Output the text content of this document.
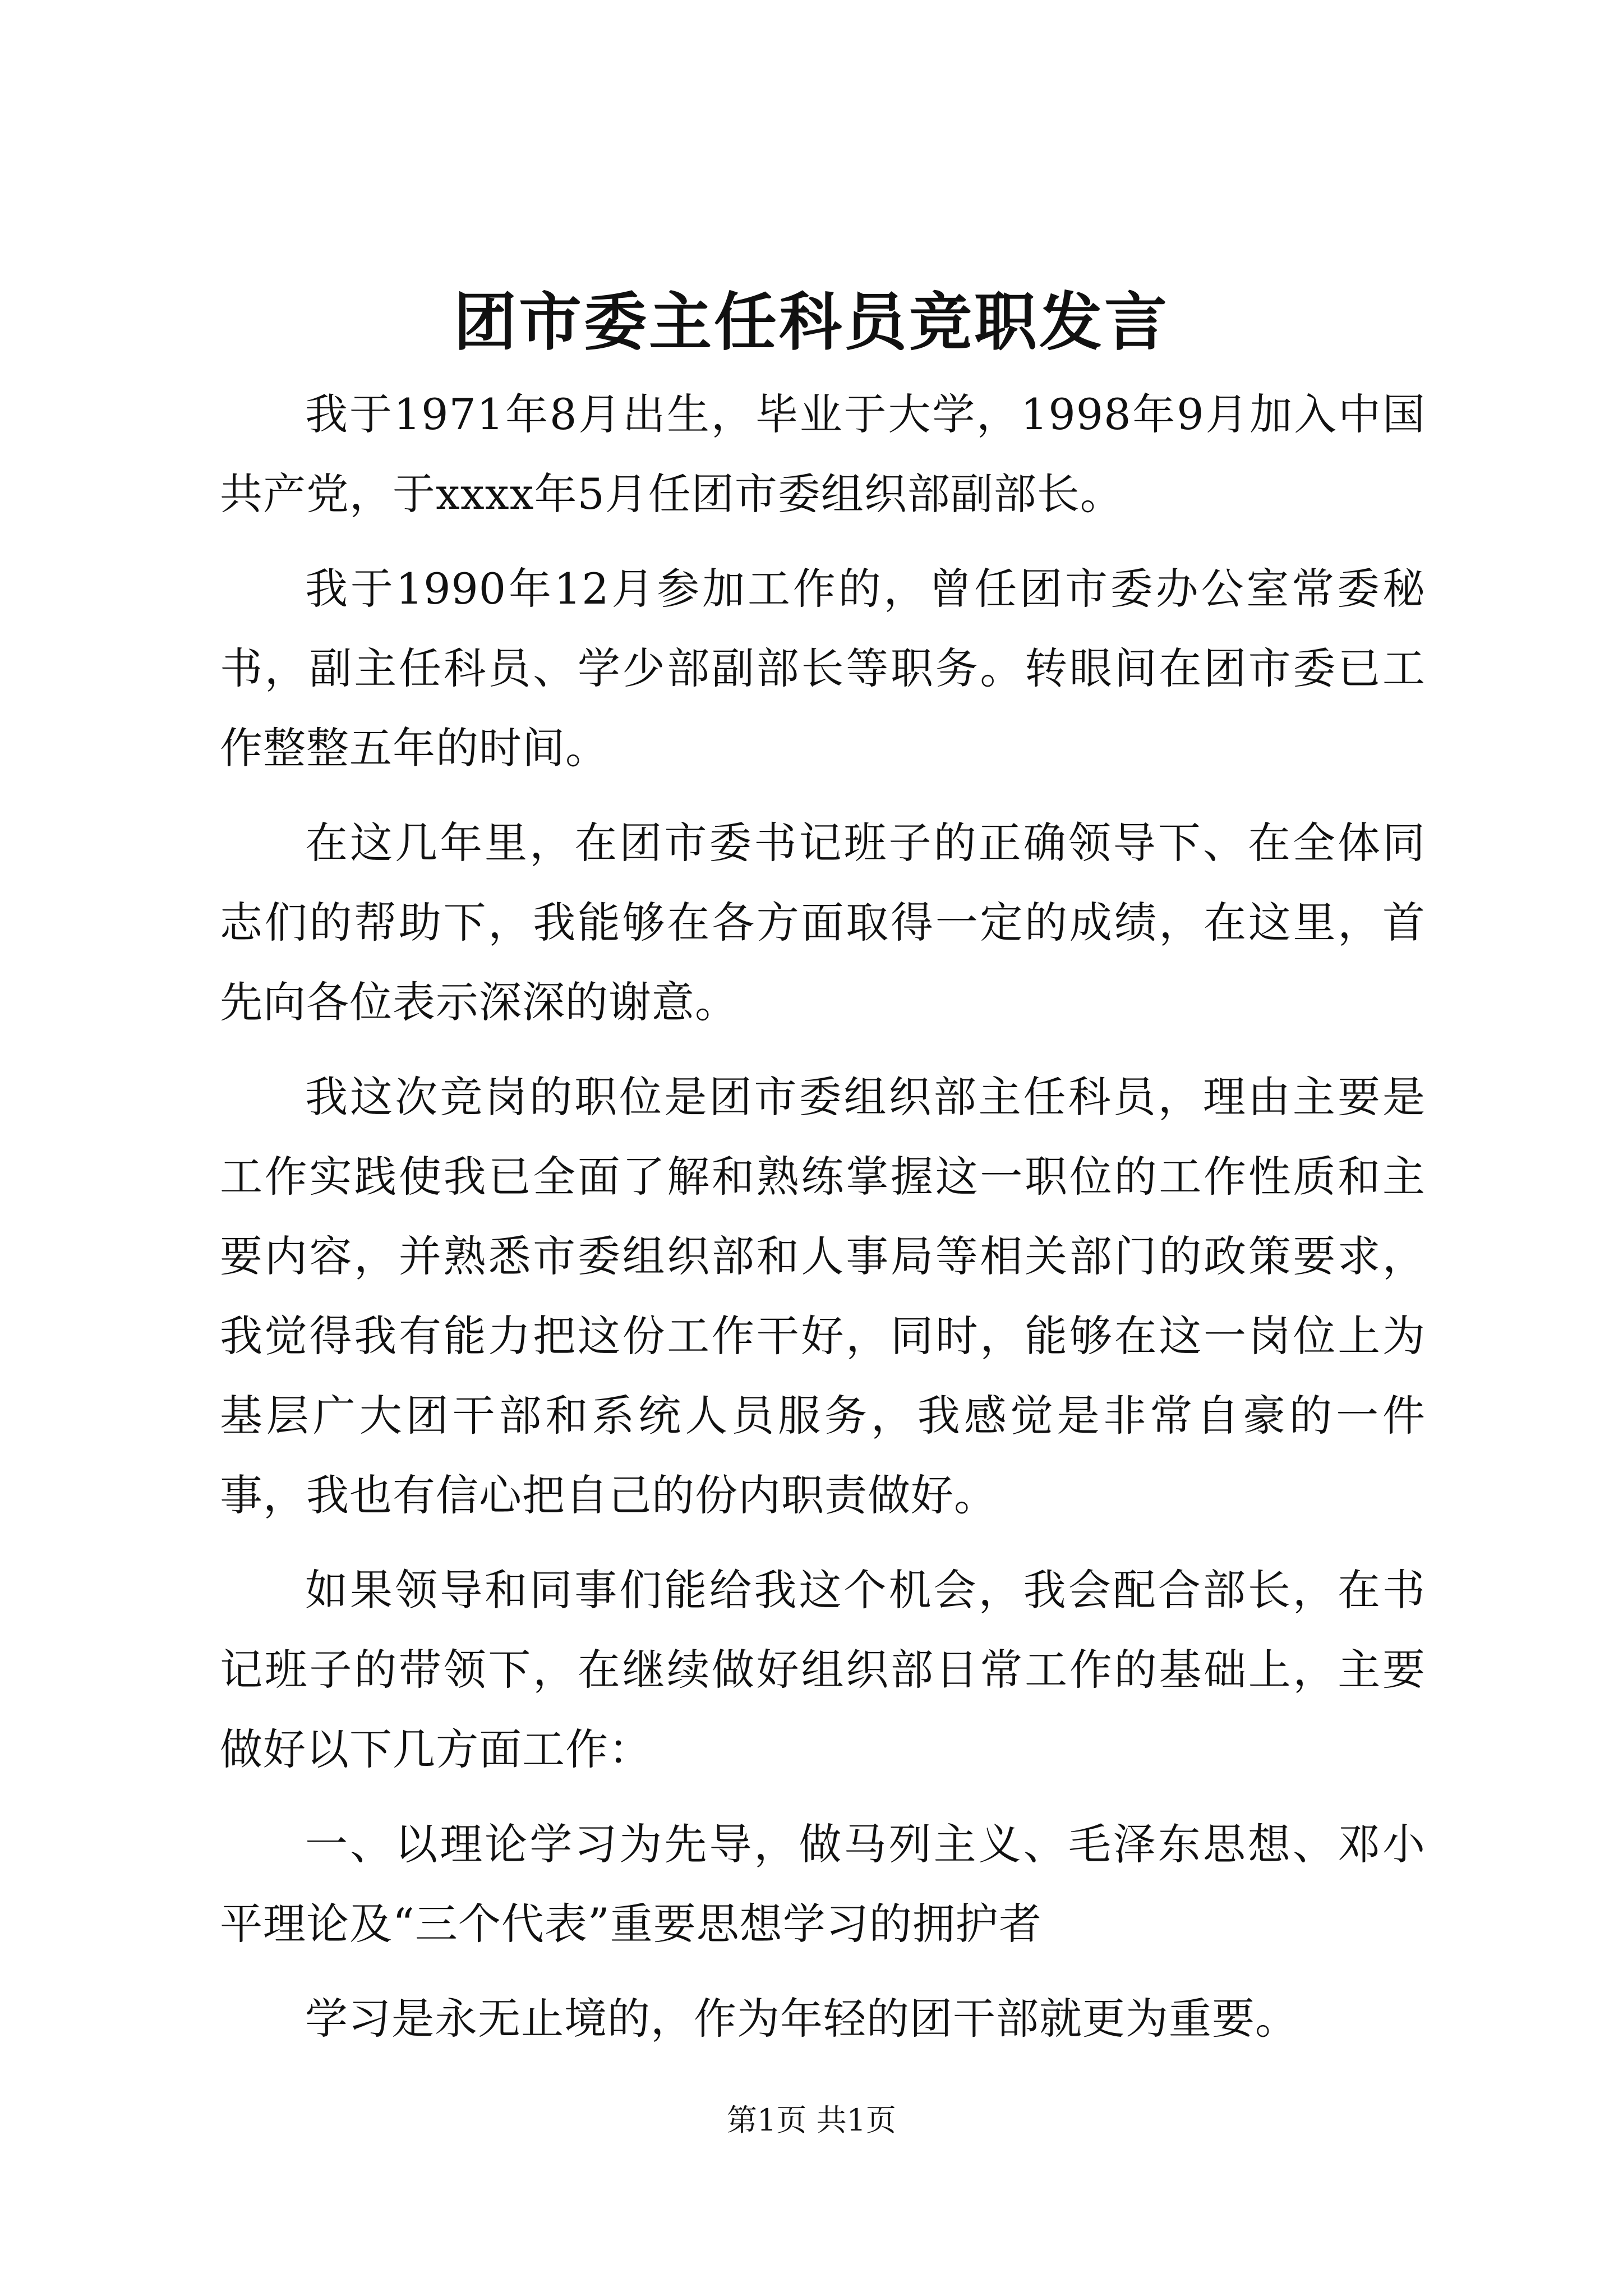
团市委主任科员竞职发言

我于1971年8月出生，毕业于大学，1998年9月加入中国共产党，于xxxx年5月任团市委组织部副部长。

我于1990年12月参加工作的，曾任团市委办公室常委秘书，副主任科员、学少部副部长等职务。转眼间在团市委已工作整整五年的时间。

在这几年里，在团市委书记班子的正确领导下、在全体同志们的帮助下，我能够在各方面取得一定的成绩，在这里，首先向各位表示深深的谢意。

我这次竞岗的职位是团市委组织部主任科员，理由主要是工作实践使我已全面了解和熟练掌握这一职位的工作性质和主要内容，并熟悉市委组织部和人事局等相关部门的政策要求，我觉得我有能力把这份工作干好，同时，能够在这一岗位上为基层广大团干部和系统人员服务，我感觉是非常自豪的一件事，我也有信心把自己的份内职责做好。

如果领导和同事们能给我这个机会，我会配合部长，在书记班子的带领下，在继续做好组织部日常工作的基础上，主要做好以下几方面工作：

一、以理论学习为先导，做马列主义、毛泽东思想、邓小平理论及“三个代表”重要思想学习的拥护者

学习是永无止境的，作为年轻的团干部就更为重要。

第1页 共1页
